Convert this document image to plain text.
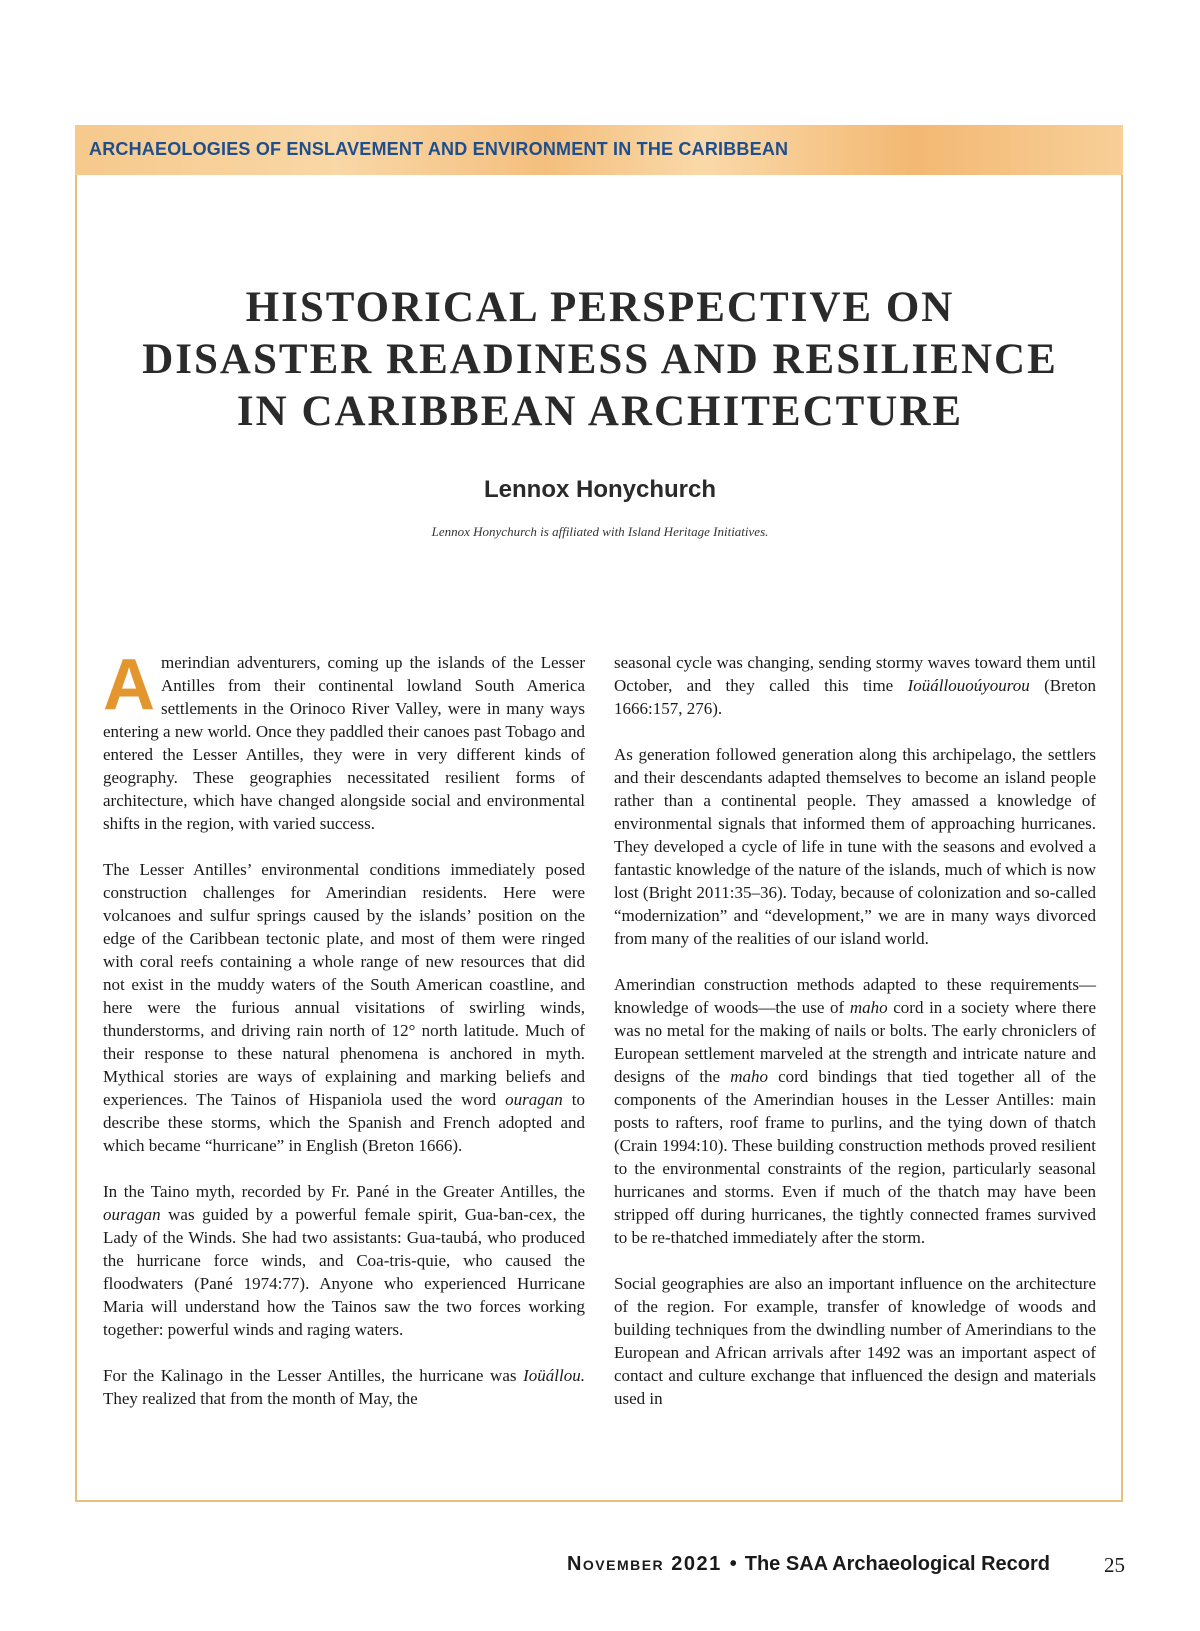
ARCHAEOLOGIES OF ENSLAVEMENT AND ENVIRONMENT IN THE CARIBBEAN
HISTORICAL PERSPECTIVE ON
DISASTER READINESS AND RESILIENCE
IN CARIBBEAN ARCHITECTURE
Lennox Honychurch
Lennox Honychurch is affiliated with Island Heritage Initiatives.

Amerindian adventurers, coming up the islands of the Lesser Antilles from their continental lowland South America settlements in the Orinoco River Valley, were in many ways entering a new world. Once they paddled their canoes past Tobago and entered the Lesser Antilles, they were in very different kinds of geography. These geographies necessitated resilient forms of architecture, which have changed alongside social and environmental shifts in the region, with varied success.

The Lesser Antilles’ environmental conditions immediately posed construction challenges for Amerindian residents. Here were volcanoes and sulfur springs caused by the islands’ position on the edge of the Caribbean tectonic plate, and most of them were ringed with coral reefs containing a whole range of new resources that did not exist in the muddy waters of the South American coastline, and here were the furious annual visitations of swirling winds, thunderstorms, and driving rain north of 12° north latitude. Much of their response to these natural phenomena is anchored in myth. Mythical stories are ways of explaining and marking beliefs and experiences. The Tainos of Hispaniola used the word ouragan to describe these storms, which the Spanish and French adopted and which became “hurricane” in English (Breton 1666).

In the Taino myth, recorded by Fr. Pané in the Greater Antilles, the ouragan was guided by a powerful female spirit, Gua-ban-cex, the Lady of the Winds. She had two assistants: Gua-taubá, who produced the hurricane force winds, and Coa-tris-quie, who caused the floodwaters (Pané 1974:77). Anyone who experienced Hurricane Maria will understand how the Tainos saw the two forces working together: powerful winds and raging waters.

For the Kalinago in the Lesser Antilles, the hurricane was Ioüállou. They realized that from the month of May, the

seasonal cycle was changing, sending stormy waves toward them until October, and they called this time Ioüállouoúyourou (Breton 1666:157, 276).

As generation followed generation along this archipelago, the settlers and their descendants adapted themselves to become an island people rather than a continental people. They amassed a knowledge of environmental signals that informed them of approaching hurricanes. They developed a cycle of life in tune with the seasons and evolved a fantastic knowledge of the nature of the islands, much of which is now lost (Bright 2011:35–36). Today, because of colonization and so-called “modernization” and “development,” we are in many ways divorced from many of the realities of our island world.

Amerindian construction methods adapted to these requirements—knowledge of woods—the use of maho cord in a society where there was no metal for the making of nails or bolts. The early chroniclers of European settlement marveled at the strength and intricate nature and designs of the maho cord bindings that tied together all of the components of the Amerindian houses in the Lesser Antilles: main posts to rafters, roof frame to purlins, and the tying down of thatch (Crain 1994:10). These building construction methods proved resilient to the environmental constraints of the region, particularly seasonal hurricanes and storms. Even if much of the thatch may have been stripped off during hurricanes, the tightly connected frames survived to be re-thatched immediately after the storm.

Social geographies are also an important influence on the architecture of the region. For example, transfer of knowledge of woods and building techniques from the dwindling number of Amerindians to the European and African arrivals after 1492 was an important aspect of contact and culture exchange that influenced the design and materials used in

November 2021 • The SAA Archaeological Record	25
